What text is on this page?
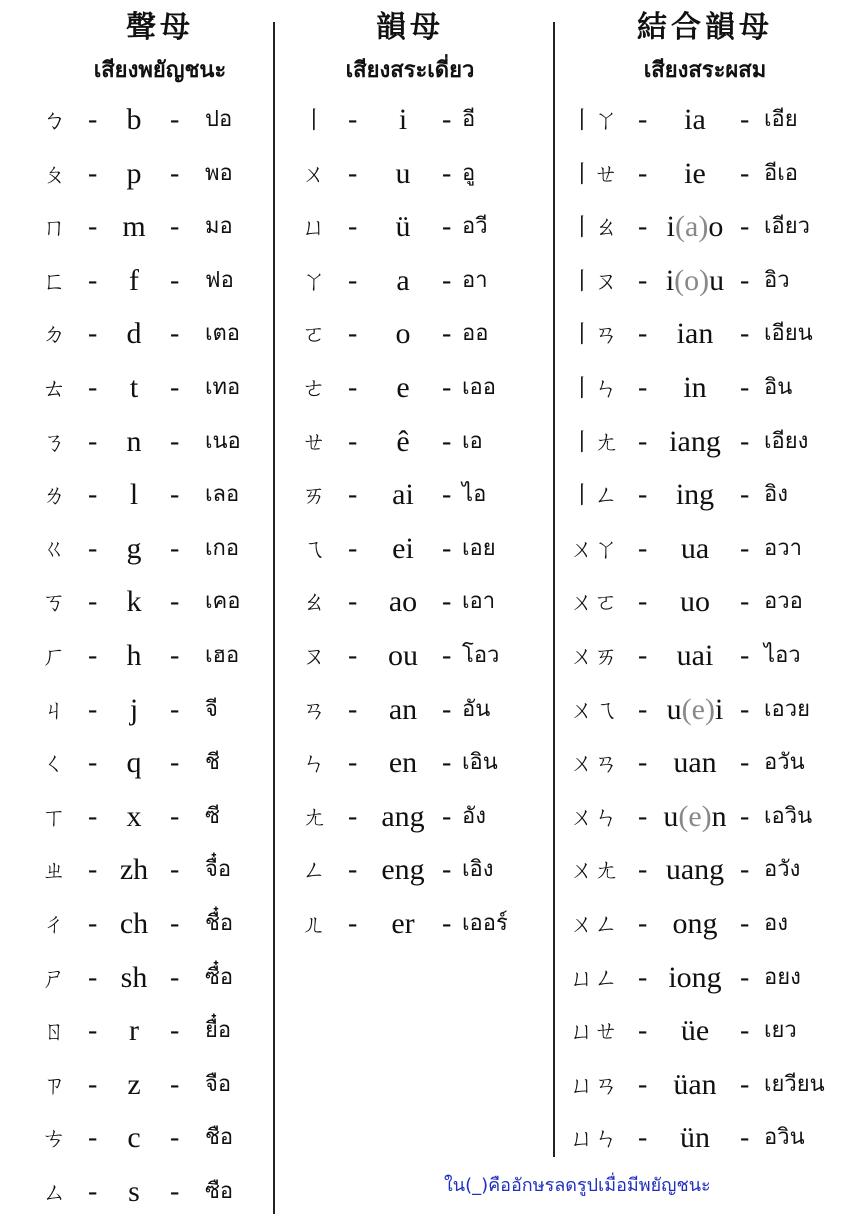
聲母
เสียงพยัญชนะ
韻母
เสียงสระเดี่ยว
結合韻母
เสียงสระผสม
ㄅ - b	- ปอ
ㄆ - p	- พอ
ㄇ - m - มอ
ㄈ -	f	- ฟอ
ㄉ - d	- เตอ
ㄊ -	t	- เทอ
ㄋ - n	- เนอ
ㄌ -	l	- เลอ
ㄍ - g	- เกอ
ㄎ - k	- เคอ
ㄏ - h	- เฮอ
ㄐ -	j	- จี
ㄑ - q	- ชี
ㄒ - x	- ซี
ㄓ - zh - จื๋อ
ㄔ - ch - ชื๋อ
ㄕ - sh - ซื๋อ
ㄖ -	r	- ยื๋อ
ㄗ -	z	- จือ
ㄘ -	c	- ชือ
ㄙ -	s	- ซือ
丨 -	i	- อี
ㄨ -	u	- อู
ㄩ -	ü	- อวี
ㄚ -	a	- อา
ㄛ -	o	- ออ
ㄜ -	e	- เออ
ㄝ -	ê	- เอ
ㄞ -	ai	- ไอ
ㄟ -	ei	- เอย
ㄠ -	ao - เอา
ㄡ -	ou - โอว
ㄢ -	an - อัน
ㄣ -	en - เอิน
ㄤ - ang - อัง
ㄥ - eng - เอิง
ㄦ -	er - เออร์
丨ㄚ -	ia	- เอีย
丨ㄝ -	ie	- อีเอ
丨ㄠ - i(a)o - เอียว
丨ㄡ - i(o)u - อิว
丨ㄢ - ian - เอียน
丨ㄣ -	in	- อิน
丨ㄤ - iang - เอียง
丨ㄥ - ing - อิง
ㄨㄚ -	ua	- อวา
ㄨㄛ -	uo	- อวอ
ㄨㄞ - uai - ไอว
ㄨㄟ - u(e)i - เอวย
ㄨㄢ - uan - อวัน
ㄨㄣ - u(e)n - เอวิน
ㄨㄤ - uang - อวัง
ㄨㄥ - ong - อง
ㄩㄥ - iong - อยง
ㄩㄝ -	üe	- เยว
ㄩㄢ - üan - เยวียน
ㄩㄣ -	ün	- อวิน
ใน(_)คืออักษรลดรูปเมื่อมีพยัญชนะ
